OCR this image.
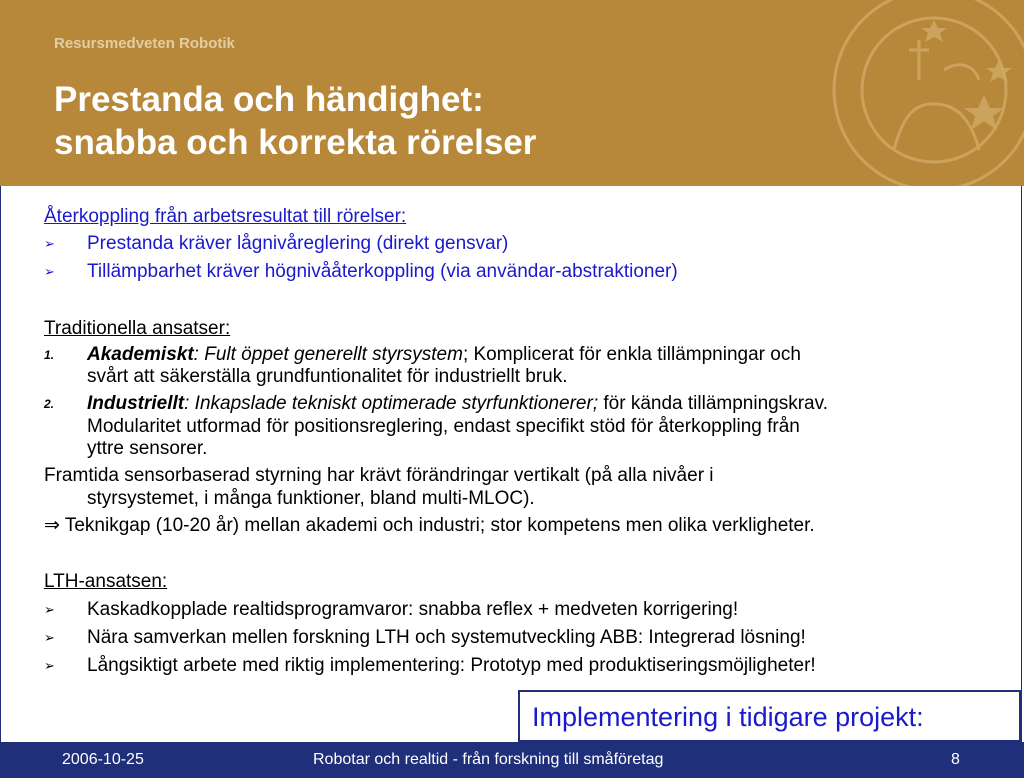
Resursmedveten Robotik
Prestanda och händighet:
snabba och korrekta rörelser
Återkoppling från arbetsresultat till rörelser:
➢ Prestanda kräver lågnivåreglering (direkt gensvar)
➢ Tillämpbarhet kräver högnivååterkoppling (via användar-abstraktioner)
Traditionella ansatser:
1. Akademiskt: Fult öppet generellt styrsystem; Komplicerat för enkla tillämpningar och
svårt att säkerställa grundfuntionalitet för industriellt bruk.
2. Industriellt: Inkapslade tekniskt optimerade styrfunktionerer; för kända tillämpningskrav.
Modularitet utformad för positionsreglering, endast specifikt stöd för återkoppling från
yttre sensorer.
Framtida sensorbaserad styrning har krävt förändringar vertikalt (på alla nivåer i
styrsystemet, i många funktioner, bland multi-MLOC).
⇒ Teknikgap (10-20 år) mellan akademi och industri; stor kompetens men olika verkligheter.
LTH-ansatsen:
➢ Kaskadkopplade realtidsprogramvaror: snabba reflex + medveten korrigering!
➢ Nära samverkan mellen forskning LTH och systemutveckling ABB: Integrerad lösning!
➢ Långsiktigt arbete med riktig implementering: Prototyp med produktiseringsmöjligheter!
Implementering i tidigare projekt:
2006-10-25	Robotar och realtid - från forskning till småföretag	8
